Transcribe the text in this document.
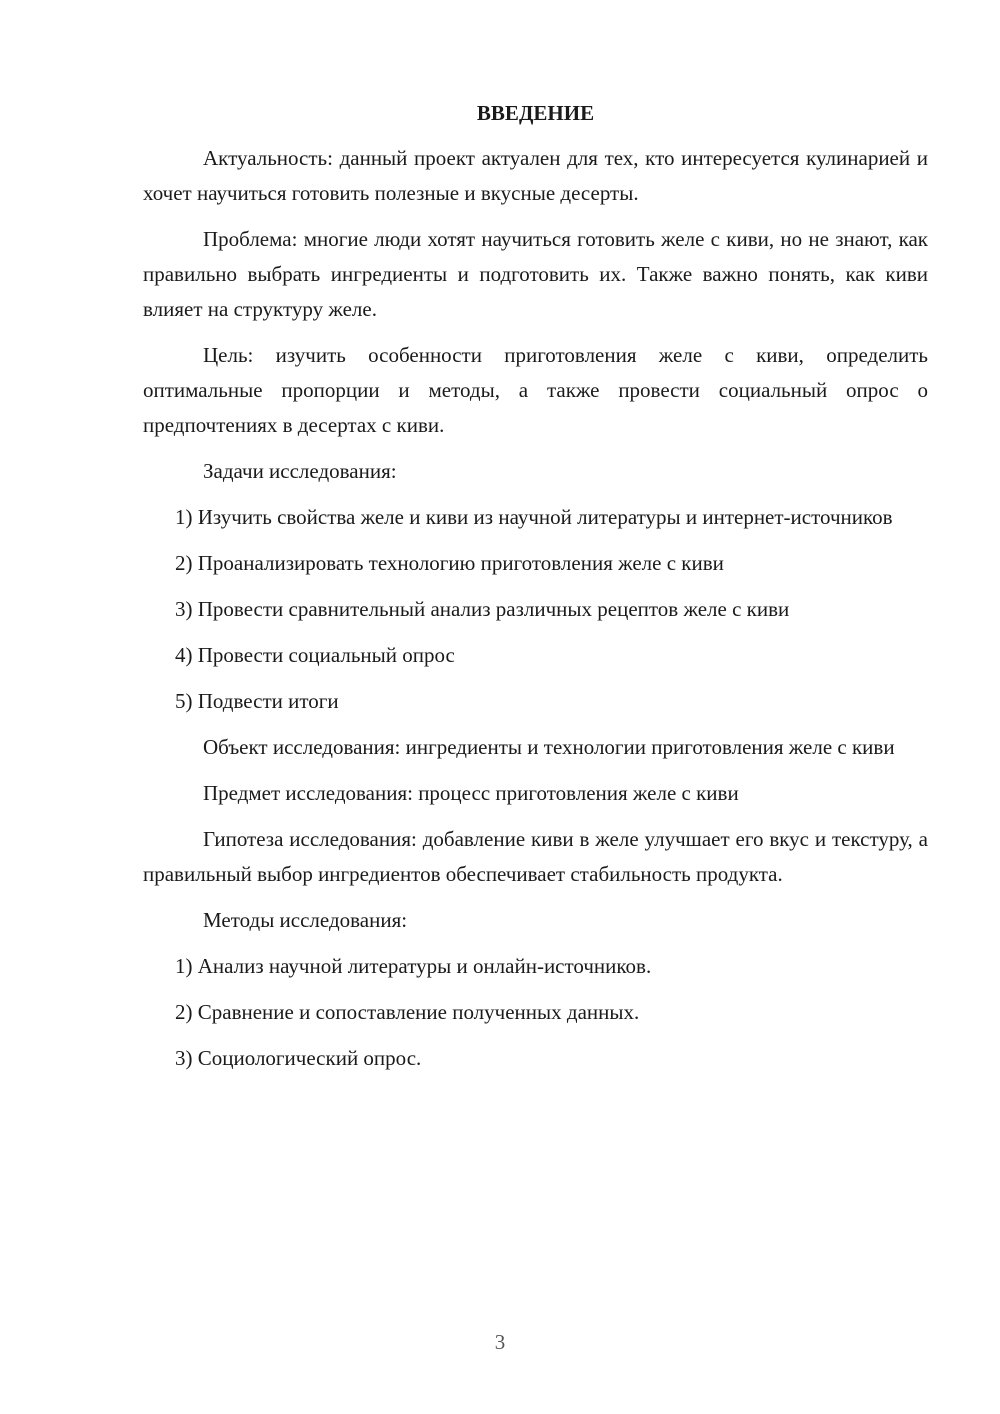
ВВЕДЕНИЕ

Актуальность: данный проект актуален для тех, кто интересуется кулинарией и хочет научиться готовить полезные и вкусные десерты.

Проблема: многие люди хотят научиться готовить желе с киви, но не знают, как правильно выбрать ингредиенты и подготовить их. Также важно понять, как киви влияет на структуру желе.

Цель: изучить особенности приготовления желе с киви, определить оптимальные пропорции и методы, а также провести социальный опрос о предпочтениях в десертах с киви.

Задачи исследования:

1) Изучить свойства желе и киви из научной литературы и интернет-источников

2) Проанализировать технологию приготовления желе с киви

3) Провести сравнительный анализ различных рецептов желе с киви

4) Провести социальный опрос

5) Подвести итоги

Объект исследования: ингредиенты и технологии приготовления желе с киви

Предмет исследования: процесс приготовления желе с киви

Гипотеза исследования: добавление киви в желе улучшает его вкус и текстуру, а правильный выбор ингредиентов обеспечивает стабильность продукта.

Методы исследования:

1) Анализ научной литературы и онлайн-источников.

2) Сравнение и сопоставление полученных данных.

3) Социологический опрос.

3
